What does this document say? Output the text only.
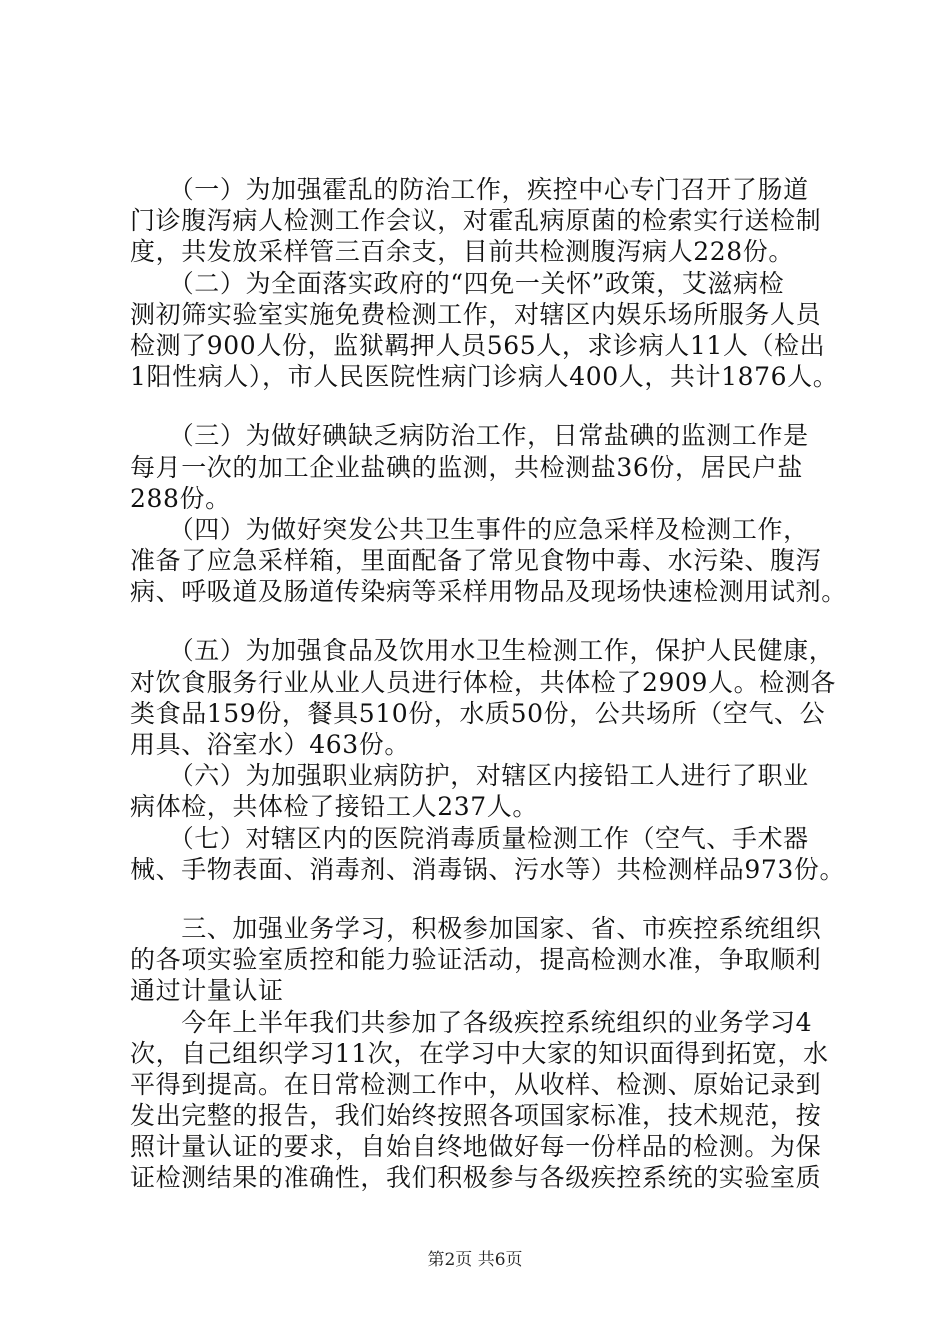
　　（一）为加强霍乱的防治工作，疾控中心专门召开了肠道
门诊腹泻病人检测工作会议，对霍乱病原菌的检索实行送检制
度，共发放采样管三百余支，目前共检测腹泻病人228份。
　　（二）为全面落实政府的“四免一关怀”政策，艾滋病检
测初筛实验室实施免费检测工作，对辖区内娱乐场所服务人员
检测了900人份，监狱羁押人员565人，求诊病人11人（检出
1阳性病人），市人民医院性病门诊病人400人，共计1876人。
　　（三）为做好碘缺乏病防治工作，日常盐碘的监测工作是
每月一次的加工企业盐碘的监测，共检测盐36份，居民户盐
288份。
　　（四）为做好突发公共卫生事件的应急采样及检测工作，
准备了应急采样箱，里面配备了常见食物中毒、水污染、腹泻
病、呼吸道及肠道传染病等采样用物品及现场快速检测用试剂。
　　（五）为加强食品及饮用水卫生检测工作，保护人民健康，
对饮食服务行业从业人员进行体检，共体检了2909人。检测各
类食品159份，餐具510份，水质50份，公共场所（空气、公
用具、浴室水）463份。
　　（六）为加强职业病防护，对辖区内接铅工人进行了职业
病体检，共体检了接铅工人237人。
　　（七）对辖区内的医院消毒质量检测工作（空气、手术器
械、手物表面、消毒剂、消毒锅、污水等）共检测样品973份。
　　三、加强业务学习，积极参加国家、省、市疾控系统组织
的各项实验室质控和能力验证活动，提高检测水准，争取顺利
通过计量认证
　　今年上半年我们共参加了各级疾控系统组织的业务学习4
次，自己组织学习11次，在学习中大家的知识面得到拓宽，水
平得到提高。在日常检测工作中，从收样、检测、原始记录到
发出完整的报告，我们始终按照各项国家标准，技术规范，按
照计量认证的要求，自始自终地做好每一份样品的检测。为保
证检测结果的准确性，我们积极参与各级疾控系统的实验室质
第2页 共6页
